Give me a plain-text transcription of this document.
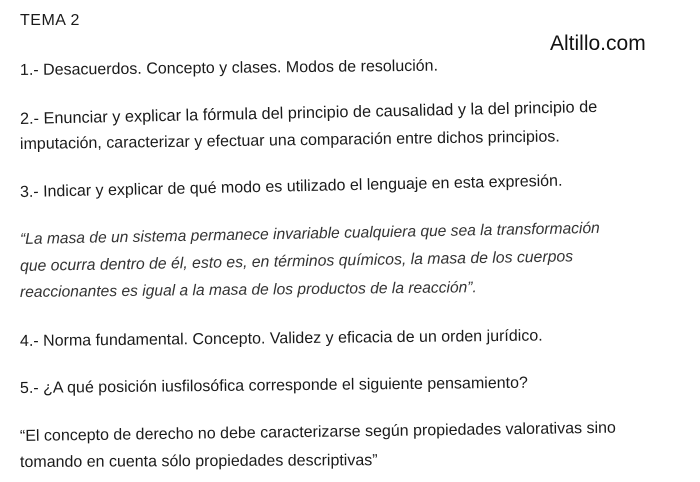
TEMA 2
Altillo.com
1.- Desacuerdos. Concepto y clases. Modos de resolución.
2.- Enunciar y explicar la fórmula del principio de causalidad y la del principio de
imputación, caracterizar y efectuar una comparación entre dichos principios.
3.- Indicar y explicar de qué modo es utilizado el lenguaje en esta expresión.
“La masa de un sistema permanece invariable cualquiera que sea la transformación
que ocurra dentro de él, esto es, en términos químicos, la masa de los cuerpos
reaccionantes es igual a la masa de los productos de la reacción”.
4.- Norma fundamental. Concepto. Validez y eficacia de un orden jurídico.
5.- ¿A qué posición iusfilosófica corresponde el siguiente pensamiento?
“El concepto de derecho no debe caracterizarse según propiedades valorativas sino
tomando en cuenta sólo propiedades descriptivas”
